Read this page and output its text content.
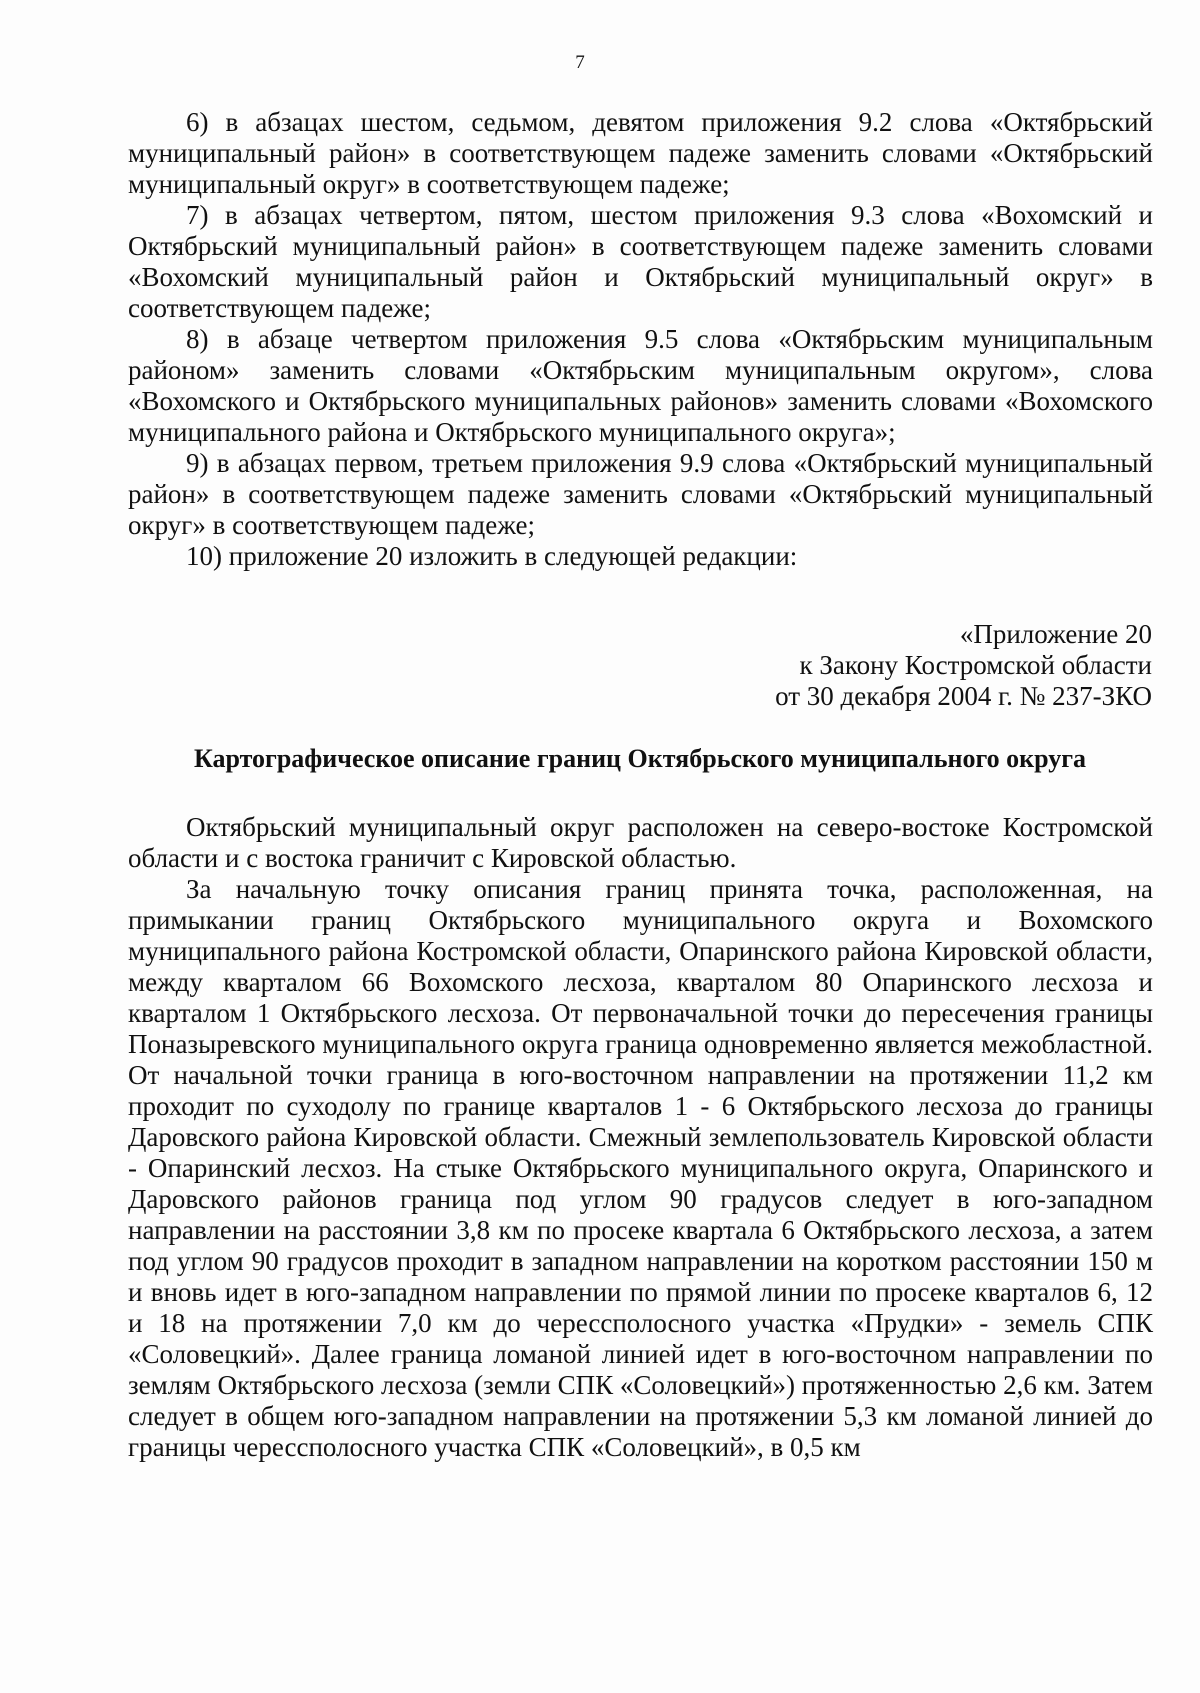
7

6) в абзацах шестом, седьмом, девятом приложения 9.2 слова «Октябрьский муниципальный район» в соответствующем падеже заменить словами «Октябрьский муниципальный округ» в соответствующем падеже;

7) в абзацах четвертом, пятом, шестом приложения 9.3 слова «Вохомский и Октябрьский муниципальный район» в соответствующем падеже заменить словами «Вохомский муниципальный район и Октябрьский муниципальный округ» в соответствующем падеже;

8) в абзаце четвертом приложения 9.5 слова «Октябрьским муниципальным районом» заменить словами «Октябрьским муниципальным округом», слова «Вохомского и Октябрьского муниципальных районов» заменить словами «Вохомского муниципального района и Октябрьского муниципального округа»;

9) в абзацах первом, третьем приложения 9.9 слова «Октябрьский муниципальный район» в соответствующем падеже заменить словами «Октябрьский муниципальный округ» в соответствующем падеже;

10) приложение 20 изложить в следующей редакции:

«Приложение 20
к Закону Костромской области
от 30 декабря 2004 г. № 237-ЗКО
Картографическое описание границ Октябрьского муниципального округа

Октябрьский муниципальный округ расположен на северо-востоке Костромской области и с востока граничит с Кировской областью.

За начальную точку описания границ принята точка, расположенная, на примыкании границ Октябрьского муниципального округа и Вохомского муниципального района Костромской области, Опаринского района Кировской области, между кварталом 66 Вохомского лесхоза, кварталом 80 Опаринского лесхоза и кварталом 1 Октябрьского лесхоза. От первоначальной точки до пересечения границы Поназыревского муниципального округа граница одновременно является межобластной. От начальной точки граница в юго-восточном направлении на протяжении 11,2 км проходит по суходолу по границе кварталов 1 - 6 Октябрьского лесхоза до границы Даровского района Кировской области. Смежный землепользователь Кировской области - Опаринский лесхоз. На стыке Октябрьского муниципального округа, Опаринского и Даровского районов граница под углом 90 градусов следует в юго-западном направлении на расстоянии 3,8 км по просеке квартала 6 Октябрьского лесхоза, а затем под углом 90 градусов проходит в западном направлении на коротком расстоянии 150 м и вновь идет в юго-западном направлении по прямой линии по просеке кварталов 6, 12 и 18 на протяжении 7,0 км до черессполосного участка «Прудки» - земель СПК «Соловецкий». Далее граница ломаной линией идет в юго-восточном направлении по землям Октябрьского лесхоза (земли СПК «Соловецкий») протяженностью 2,6 км. Затем следует в общем юго-западном направлении на протяжении 5,3 км ломаной линией до границы черессполосного участка СПК «Соловецкий», в 0,5 км
